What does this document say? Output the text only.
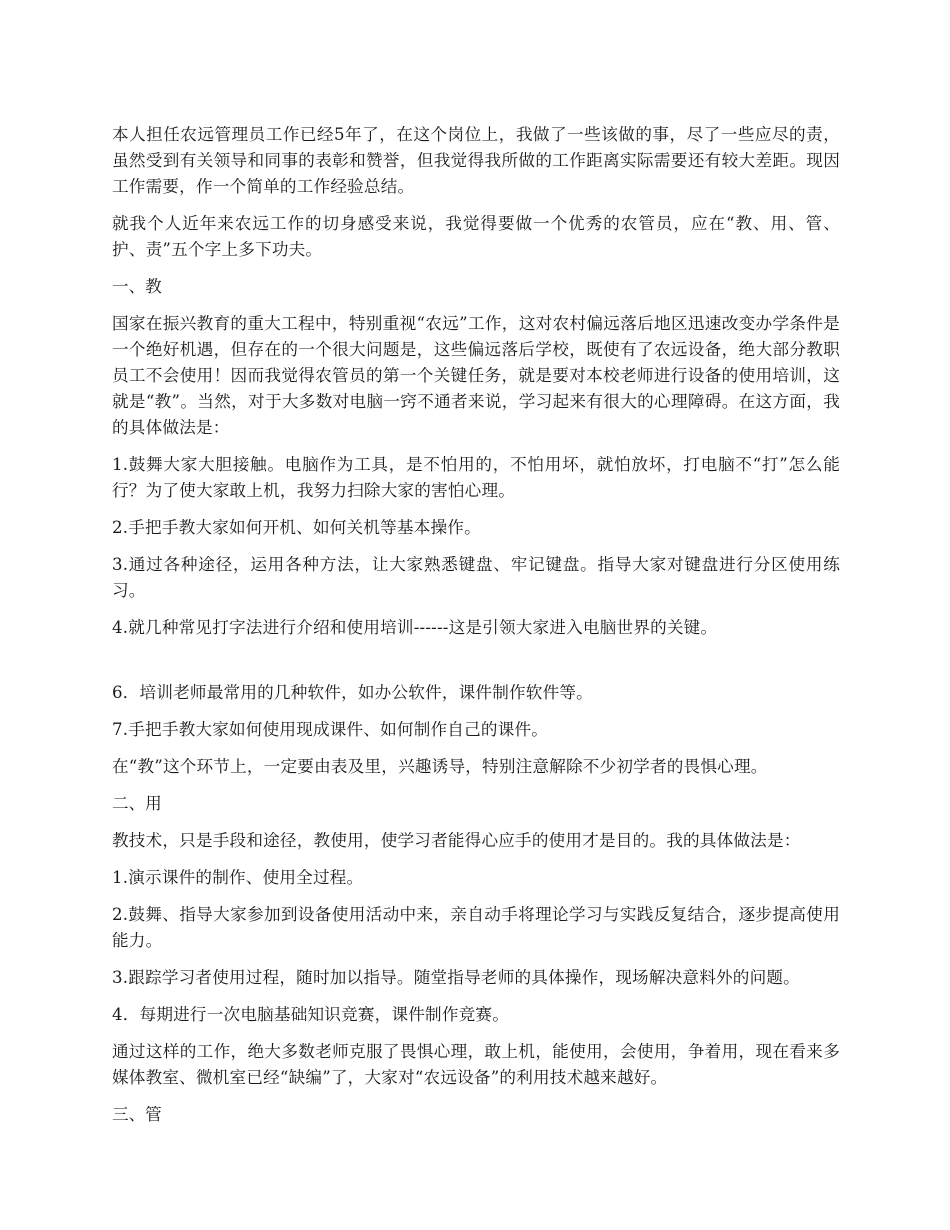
本人担任农远管理员工作已经5年了，在这个岗位上，我做了一些该做的事，尽了一些应尽的责，虽然受到有关领导和同事的表彰和赞誉，但我觉得我所做的工作距离实际需要还有较大差距。现因工作需要，作一个简单的工作经验总结。

就我个人近年来农远工作的切身感受来说，我觉得要做一个优秀的农管员，应在“教、用、管、护、责”五个字上多下功夫。

一、教

国家在振兴教育的重大工程中，特别重视“农远”工作，这对农村偏远落后地区迅速改变办学条件是一个绝好机遇，但存在的一个很大问题是，这些偏远落后学校，既使有了农远设备，绝大部分教职员工不会使用！因而我觉得农管员的第一个关键任务，就是要对本校老师进行设备的使用培训，这就是“教”。当然，对于大多数对电脑一窍不通者来说，学习起来有很大的心理障碍。在这方面，我的具体做法是：

1.鼓舞大家大胆接触。电脑作为工具，是不怕用的，不怕用坏，就怕放坏，打电脑不“打”怎么能行？为了使大家敢上机，我努力扫除大家的害怕心理。

2.手把手教大家如何开机、如何关机等基本操作。

3.通过各种途径，运用各种方法，让大家熟悉键盘、牢记键盘。指导大家对键盘进行分区使用练习。

4.就几种常见打字法进行介绍和使用培训------这是引领大家进入电脑世界的关键。

6．培训老师最常用的几种软件，如办公软件，课件制作软件等。

7.手把手教大家如何使用现成课件、如何制作自己的课件。

在“教”这个环节上，一定要由表及里，兴趣诱导，特别注意解除不少初学者的畏惧心理。

二、用

教技术，只是手段和途径，教使用，使学习者能得心应手的使用才是目的。我的具体做法是：

1.演示课件的制作、使用全过程。

2.鼓舞、指导大家参加到设备使用活动中来，亲自动手将理论学习与实践反复结合，逐步提高使用能力。

3.跟踪学习者使用过程，随时加以指导。随堂指导老师的具体操作，现场解决意料外的问题。

4．每期进行一次电脑基础知识竞赛，课件制作竞赛。

通过这样的工作，绝大多数老师克服了畏惧心理，敢上机，能使用，会使用，争着用，现在看来多媒体教室、微机室已经“缺编”了，大家对“农远设备”的利用技术越来越好。

三、管
